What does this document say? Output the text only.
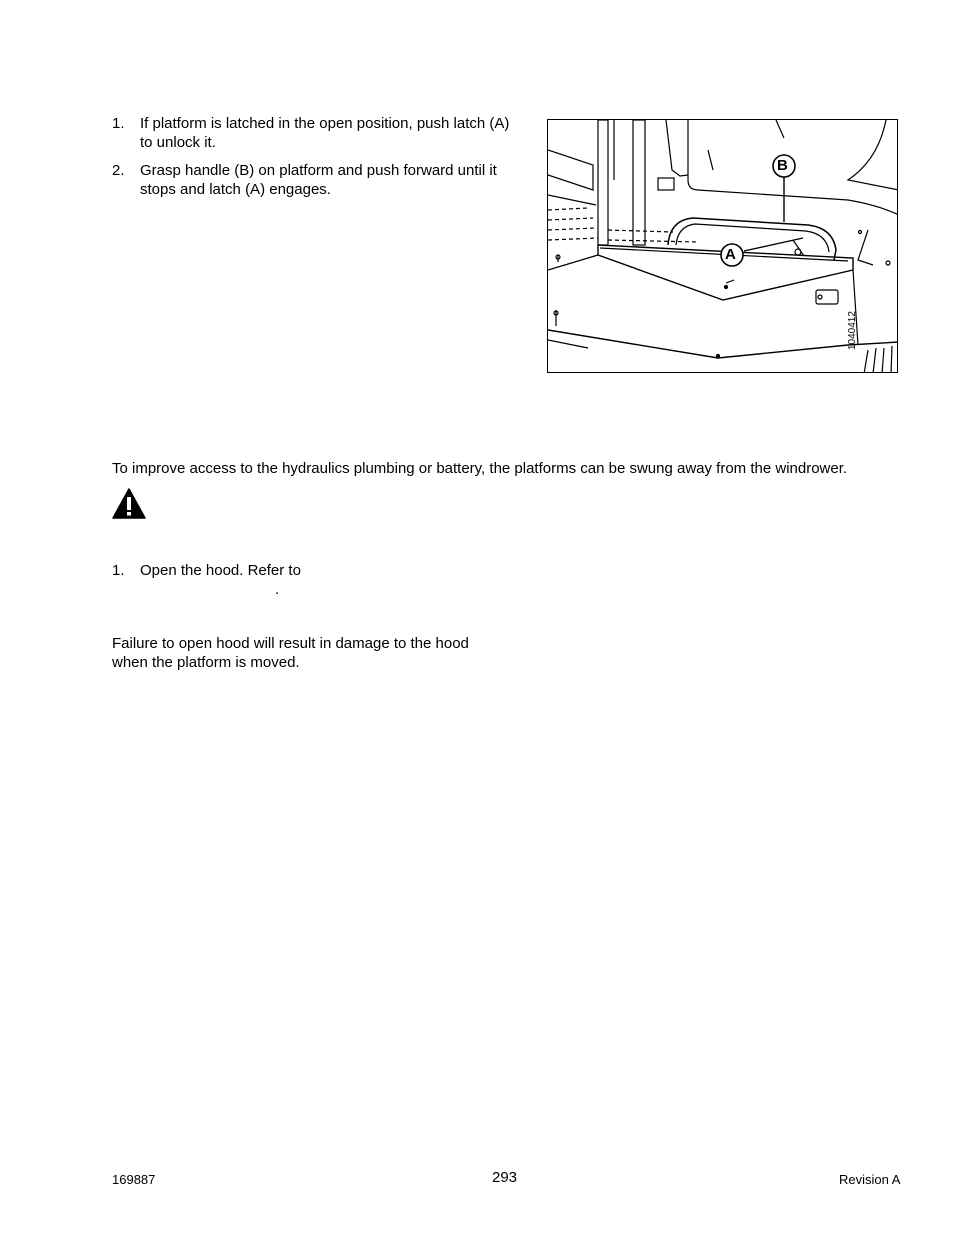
1. If platform is latched in the open position, push latch (A) to unlock it.
2. Grasp handle (B) on platform and push forward until it stops and latch (A) engages.
B
A
1040412
To improve access to the hydraulics plumbing or battery, the platforms can be swung away from the windrower.
1. Open the hood. Refer to
.
Failure to open hood will result in damage to the hood when the platform is moved.
169887	293	Revision A
